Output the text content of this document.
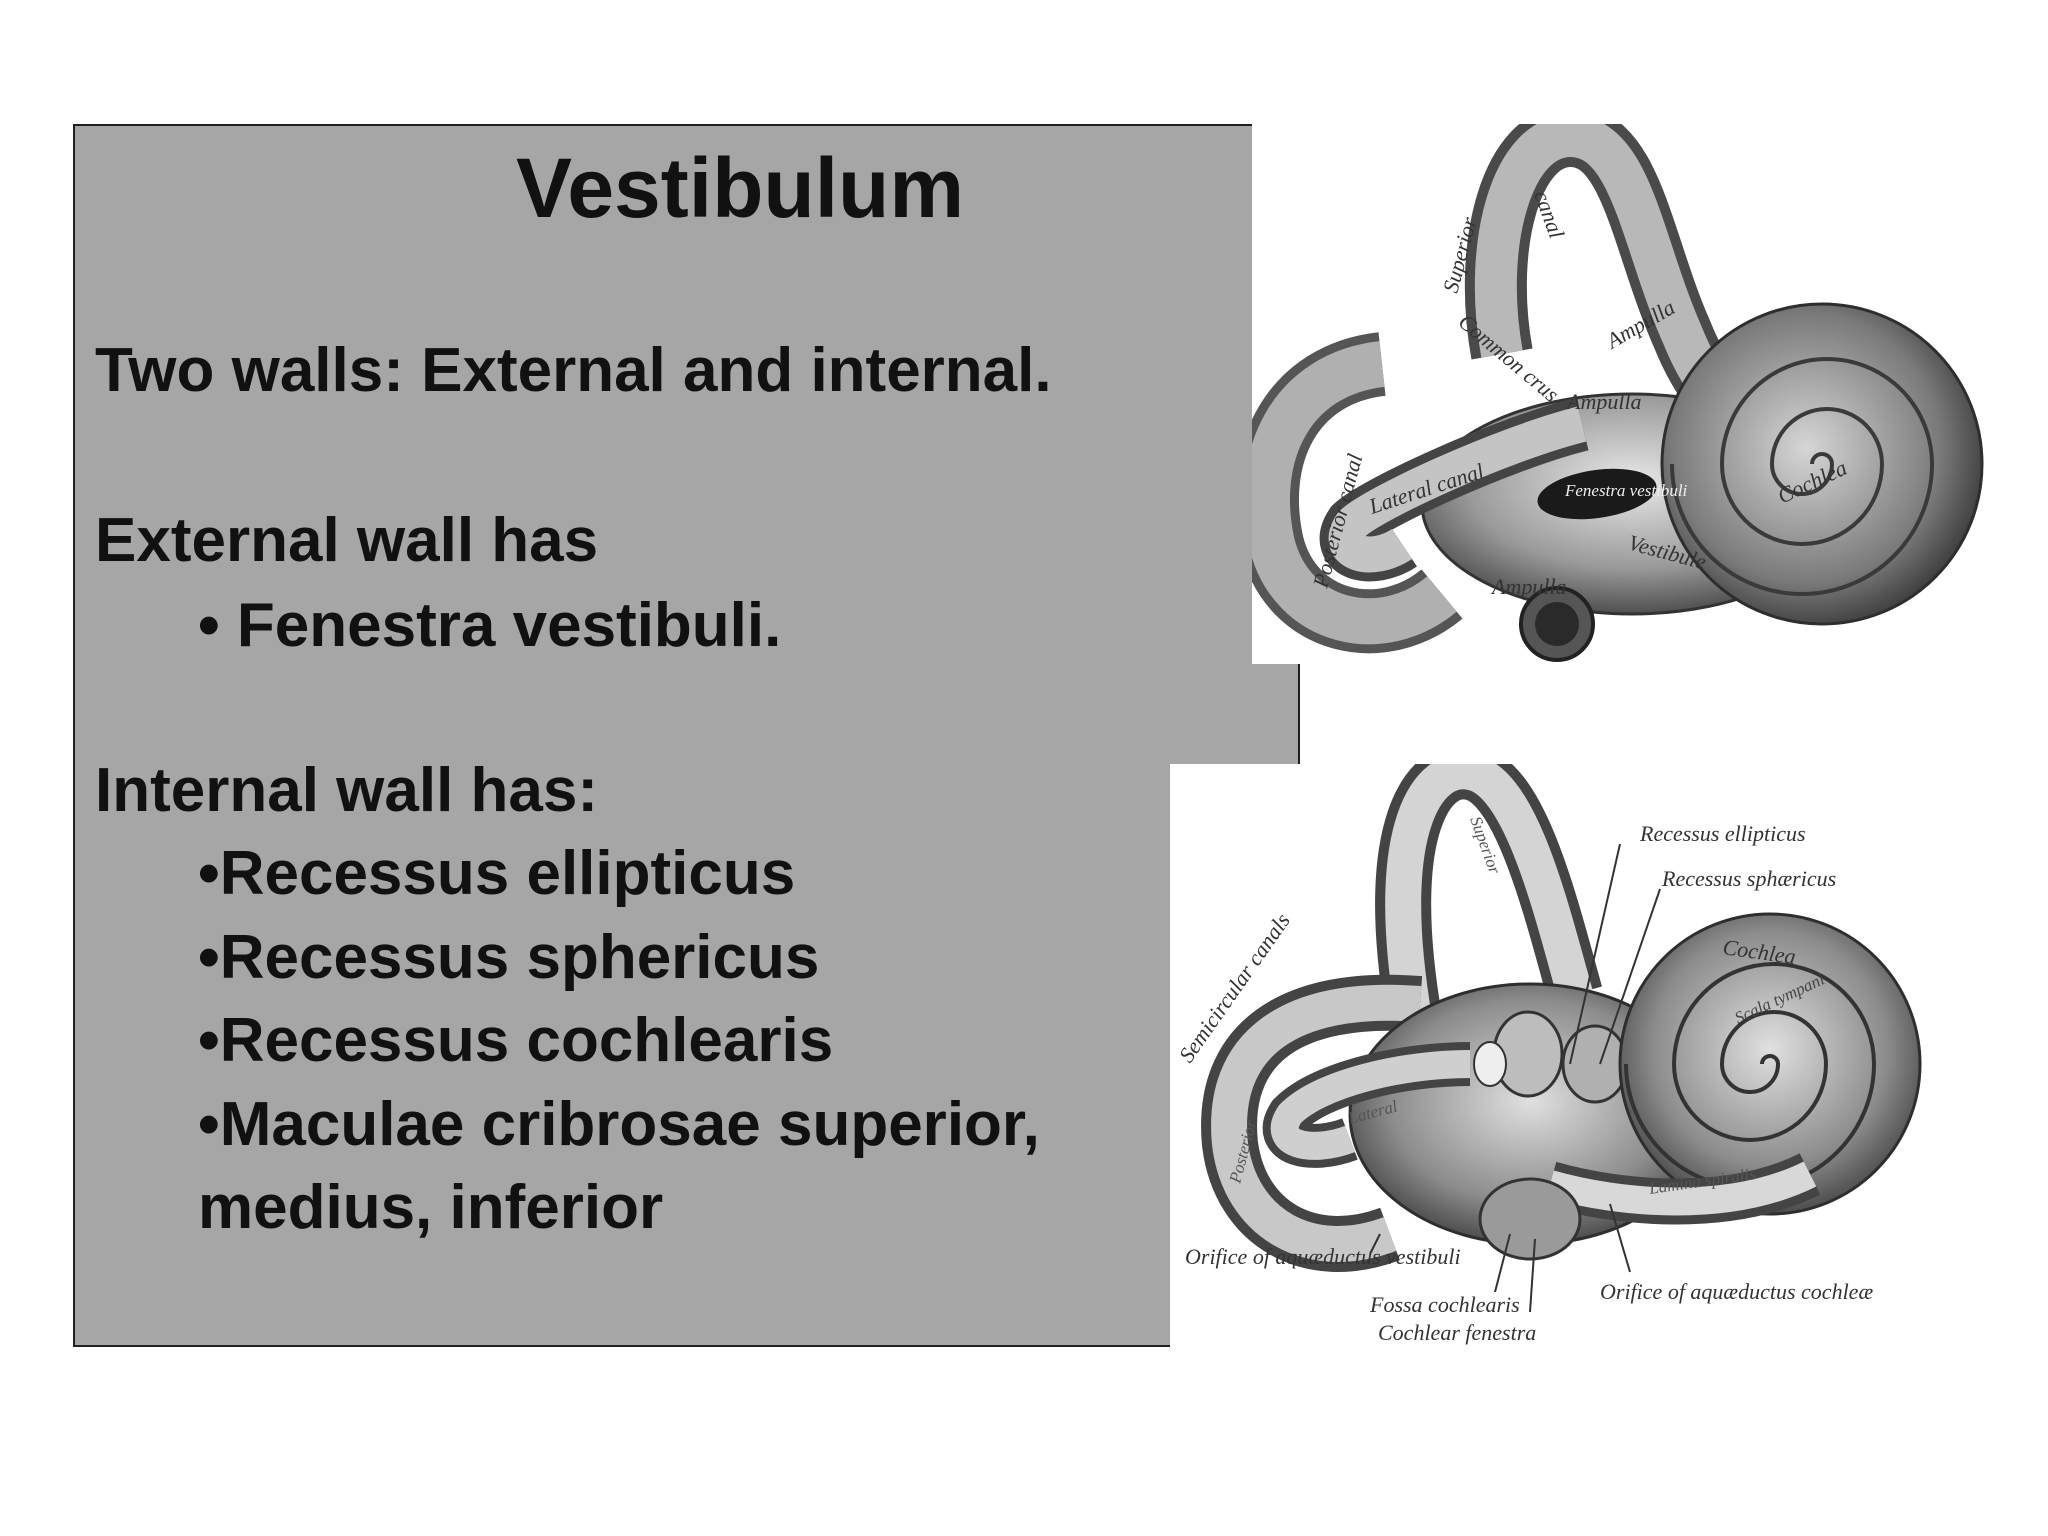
Superior
canal
Common crus Ampulla
Ampulla
Ampulla
Lateral canal
Posterior canal	Fenestra vestibuli
Vestibule
Cochlea
Recessus ellipticus
Recessus sphæricus
Cochlea
Scala tympani
Semicircular canals
Superior
Posterior
Lateral
Lamina spiralis
Orifice of aquæductus vestibuli
Orifice of aquæductus cochleæ
Fossa cochlearis
Cochlear fenestra
Vestibulum
Two walls: External and internal.
External wall has
• Fenestra vestibuli.
Internal wall has:
•Recessus ellipticus
•Recessus sphericus
•Recessus cochlearis
•Maculae cribrosae superior,
medius, inferior
